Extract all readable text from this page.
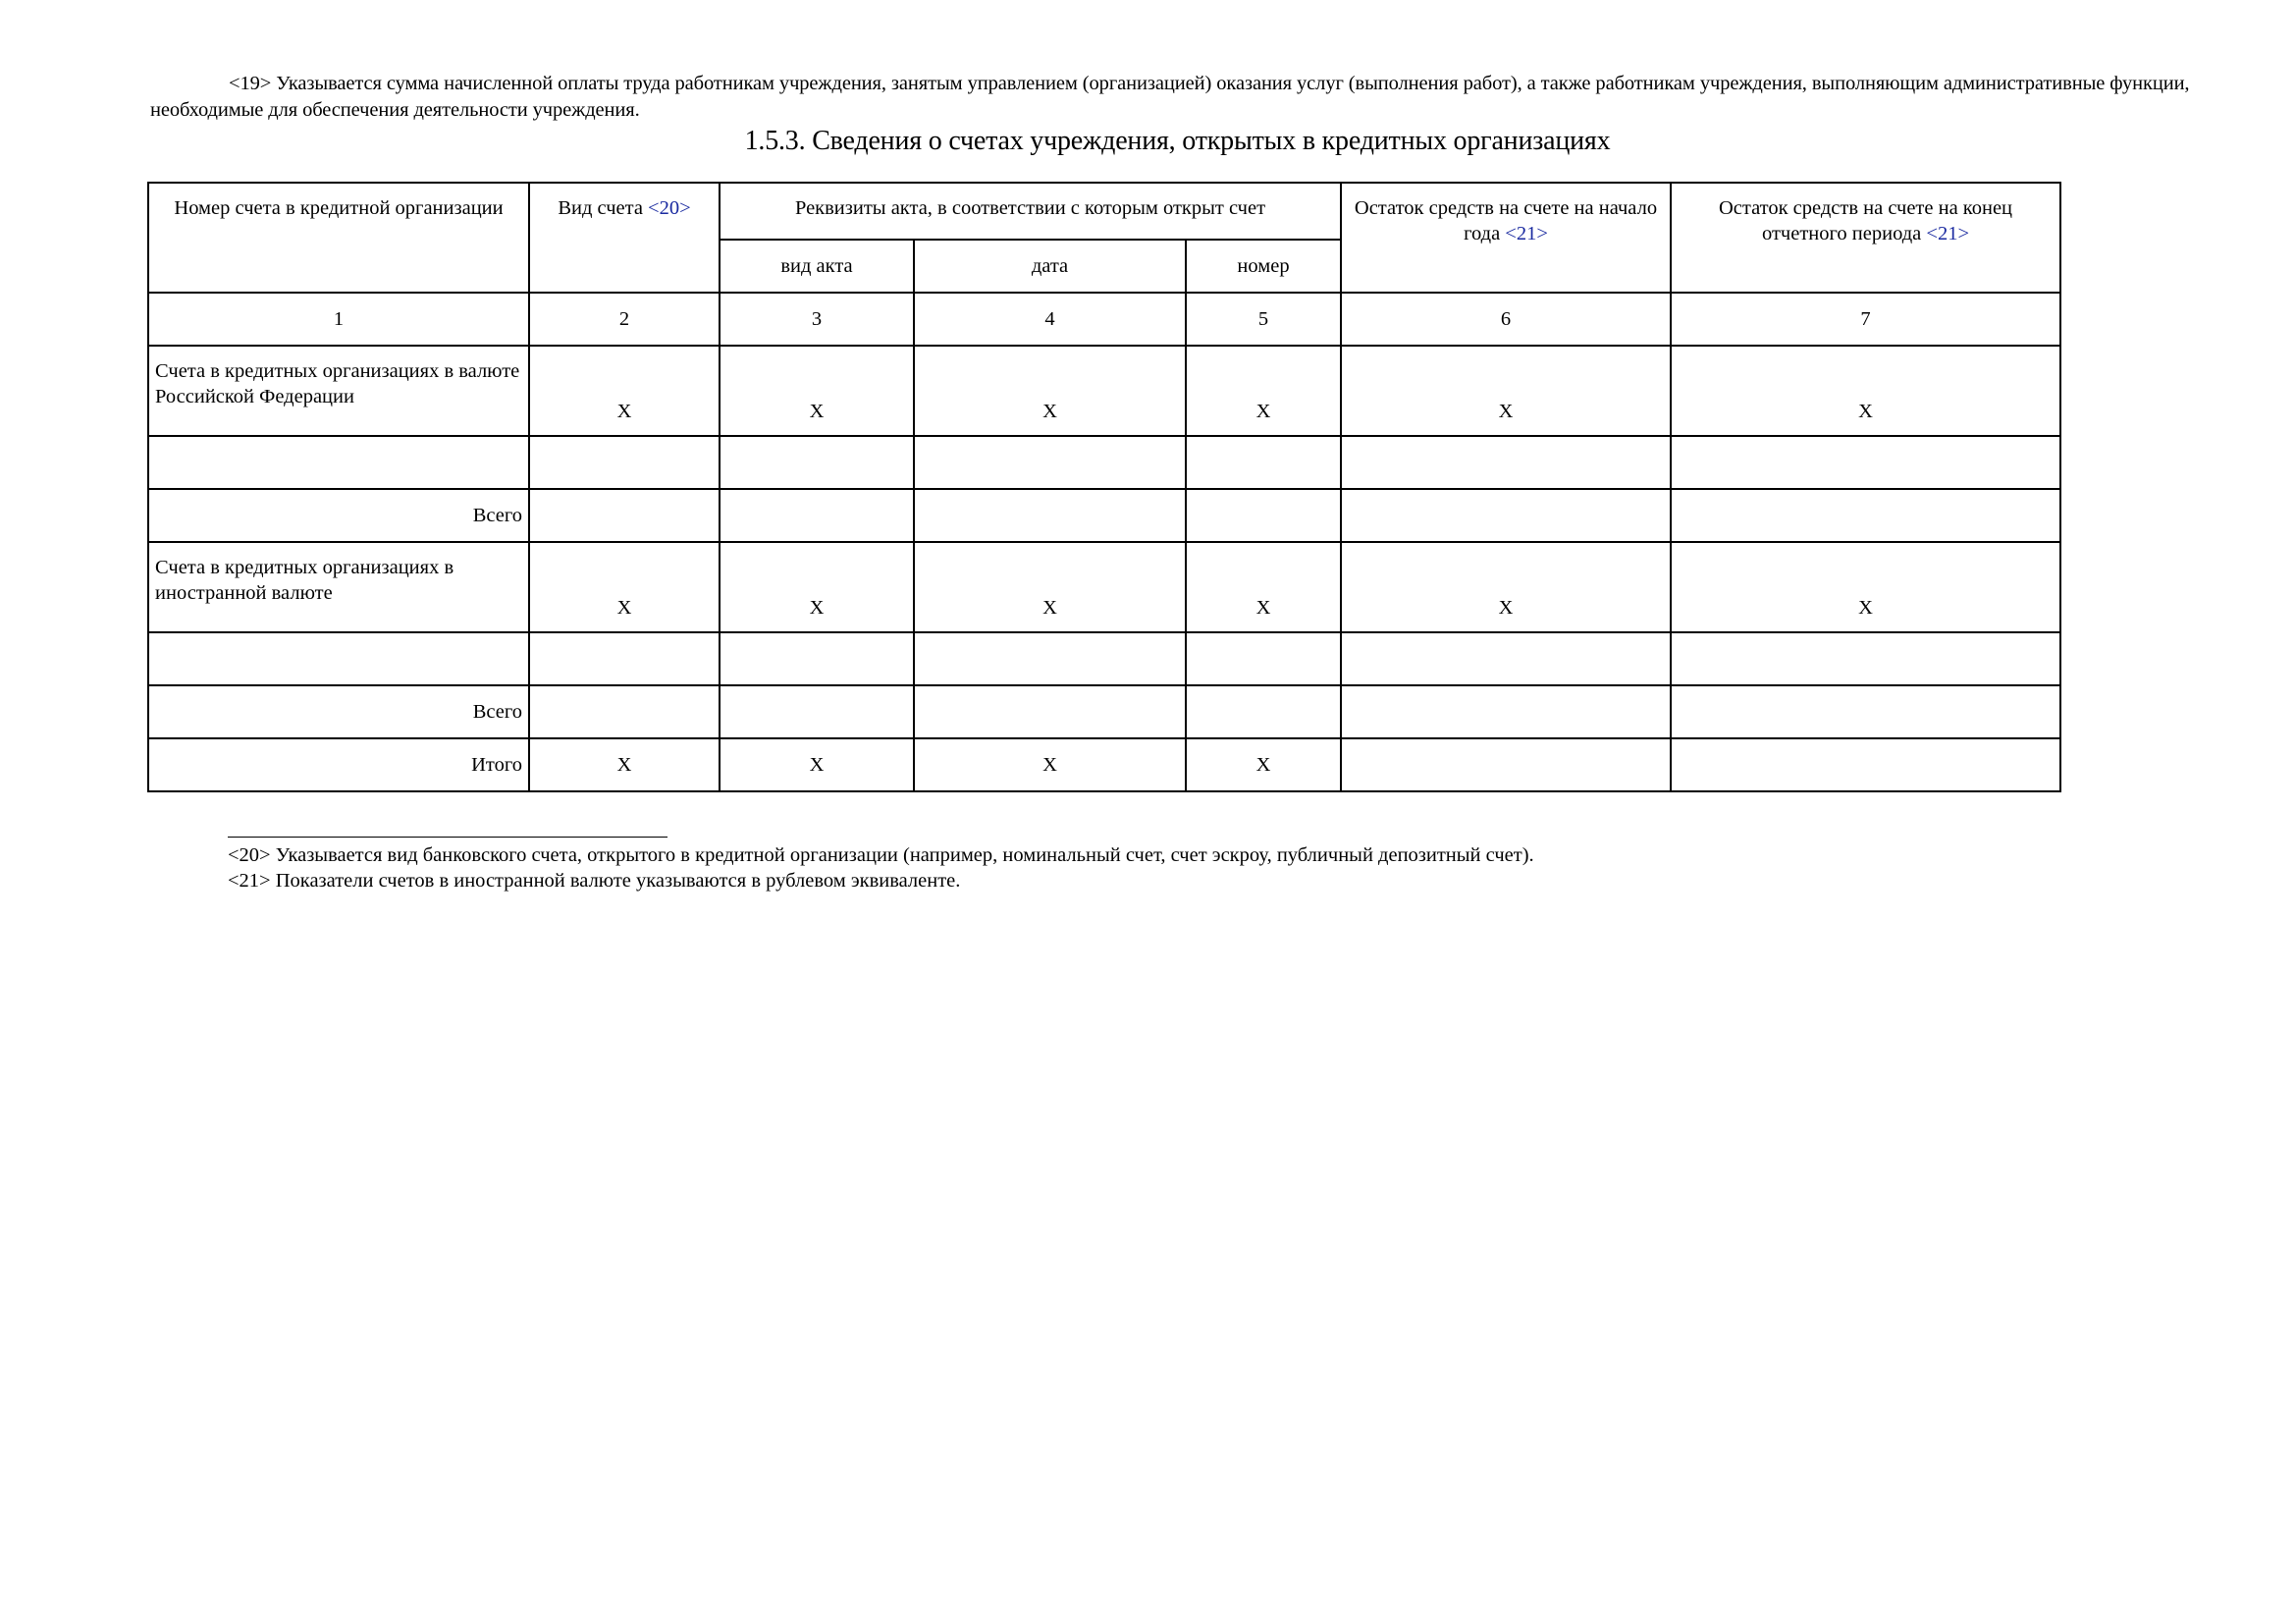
<19> Указывается сумма начисленной оплаты труда работникам учреждения, занятым управлением (организацией) оказания услуг (выполнения работ), а также работникам учреждения, выполняющим административные функции, необходимые для обеспечения деятельности учреждения.
1.5.3. Сведения о счетах учреждения, открытых в кредитных организациях
Номер счета в кредитной организации	Вид счета <20>	Реквизиты акта, в соответствии с которым открыт счет			Остаток средств на счете на начало года <21>	Остаток средств на счете на конец отчетного периода <21>
		вид акта	дата	номер		
1	2	3	4	5	6	7
Счета в кредитных организациях в валюте Российской Федерации	X	X	X	X	X	X

Всего						
Счета в кредитных организациях в иностранной валюте	X	X	X	X	X	X

Всего						
Итого	X	X	X	X		
<20> Указывается вид банковского счета, открытого в кредитной организации (например, номинальный счет, счет эскроу, публичный депозитный счет).
<21> Показатели счетов в иностранной валюте указываются в рублевом эквиваленте.
